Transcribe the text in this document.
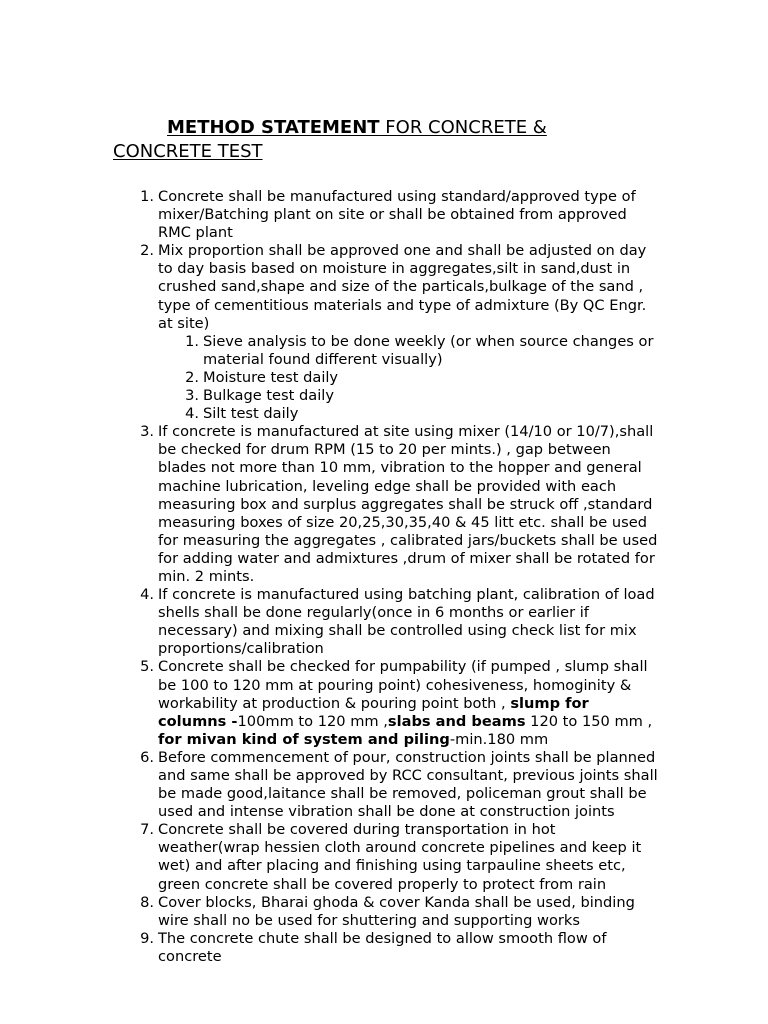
METHOD STATEMENT FOR CONCRETE &
CONCRETE TEST
1. Concrete shall be manufactured using standard/approved type of mixer/Batching plant on site or shall be obtained from approved RMC plant
2. Mix proportion shall be approved one and shall be adjusted on day to day basis based on moisture in aggregates,silt in sand,dust in crushed sand,shape and size of the particals,bulkage of the sand , type of cementitious materials and type of admixture (By QC Engr. at site)
1. Sieve analysis to be done weekly (or when source changes or material found different visually)
2. Moisture test daily
3. Bulkage test daily
4. Silt test daily
3. If concrete is manufactured at site using mixer (14/10 or 10/7),shall be checked for drum RPM (15 to 20 per mints.) , gap between blades not more than 10 mm, vibration to the hopper and general machine lubrication, leveling edge shall be provided with each measuring box and surplus aggregates shall be struck off ,standard measuring boxes of size 20,25,30,35,40 & 45 litt etc. shall be used for measuring the aggregates , calibrated jars/buckets shall be used for adding water and admixtures ,drum of mixer shall be rotated for min. 2 mints.
4. If concrete is manufactured using batching plant, calibration of load shells shall be done regularly(once in 6 months or earlier if necessary) and mixing shall be controlled using check list for mix proportions/calibration
5. Concrete shall be checked for pumpability (if pumped , slump shall be 100 to 120 mm at pouring point) cohesiveness, homoginity & workability at production & pouring point both , slump for columns -100mm to 120 mm ,slabs and beams 120 to 150 mm , for mivan kind of system and piling-min.180 mm
6. Before commencement of pour, construction joints shall be planned and same shall be approved by RCC consultant, previous joints shall be made good,laitance shall be removed, policeman grout shall be used and intense vibration shall be done at construction joints
7. Concrete shall be covered during transportation in hot weather(wrap hessien cloth around concrete pipelines and keep it wet) and after placing and finishing using tarpauline sheets etc, green concrete shall be covered properly to protect from rain
8. Cover blocks, Bharai ghoda & cover Kanda shall be used, binding wire shall no be used for shuttering and supporting works
9. The concrete chute shall be designed to allow smooth flow of concrete
